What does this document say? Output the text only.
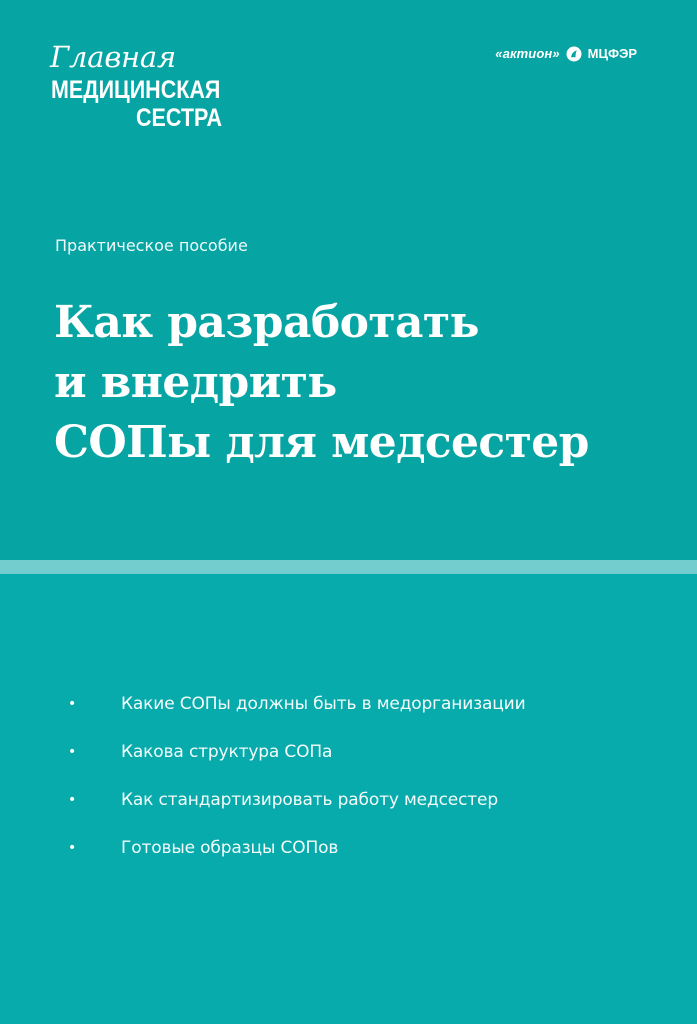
Главная
МЕДИЦИНСКАЯ
СЕСТРА
«актион» МЦФЭР
Практическое пособие
Как разработать
и внедрить
СОПы для медсестер
•	Какие СОПы должны быть в медорганизации
•	Какова структура СОПа
•	Как стандартизировать работу медсестер
•	Готовые образцы СОПов
